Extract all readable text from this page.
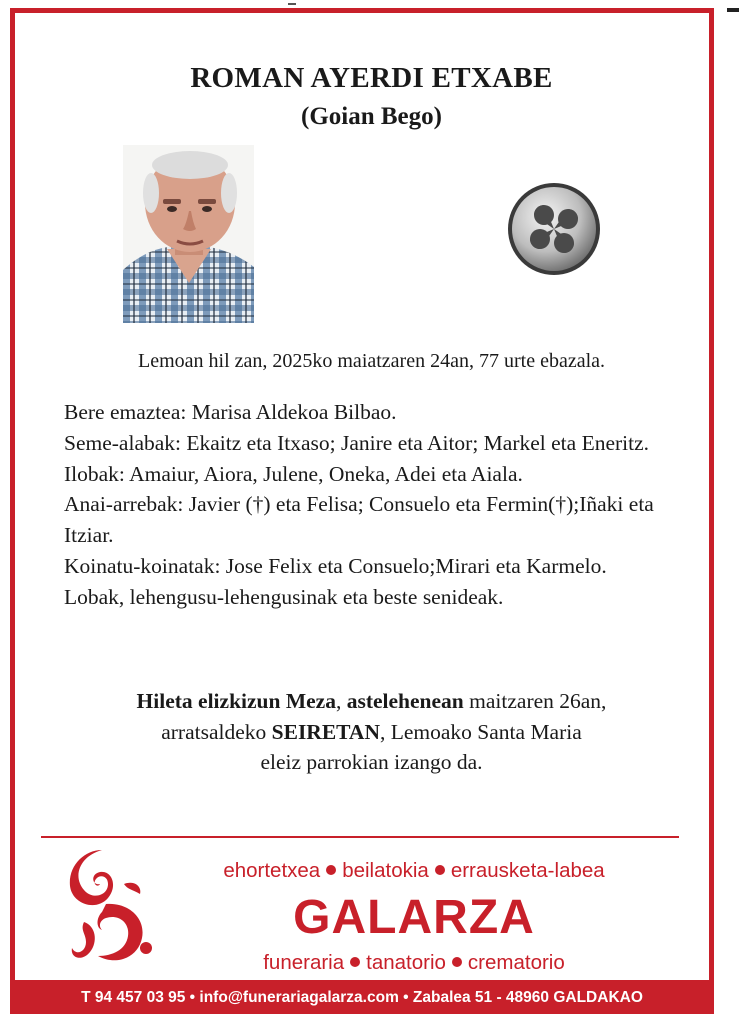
ROMAN AYERDI ETXABE
(Goian Bego)
Lemoan hil zan, 2025ko maiatzaren 24an, 77 urte ebazala.

Bere emaztea: Marisa Aldekoa Bilbao.

Seme-alabak: Ekaitz eta Itxaso; Janire eta Aitor; Markel eta Eneritz.

Ilobak: Amaiur, Aiora, Julene, Oneka, Adei eta Aiala.

Anai-arrebak: Javier (†) eta Felisa; Consuelo eta Fermin(†);Iñaki eta Itziar.

Koinatu-koinatak: Jose Felix eta Consuelo;Mirari eta Karmelo.

Lobak, lehengusu-lehengusinak eta beste senideak.

Hileta elizkizun Meza, astelehenean maitzaren 26an,

arratsaldeko SEIRETAN, Lemoako Santa Maria

eleiz parrokian izango da.

ehortetxea beilatokia errausketa-labea
GALARZA
funeraria tanatorio crematorio
T 94 457 03 95 • info@funerariagalarza.com • Zabalea 51 - 48960 GALDAKAO
